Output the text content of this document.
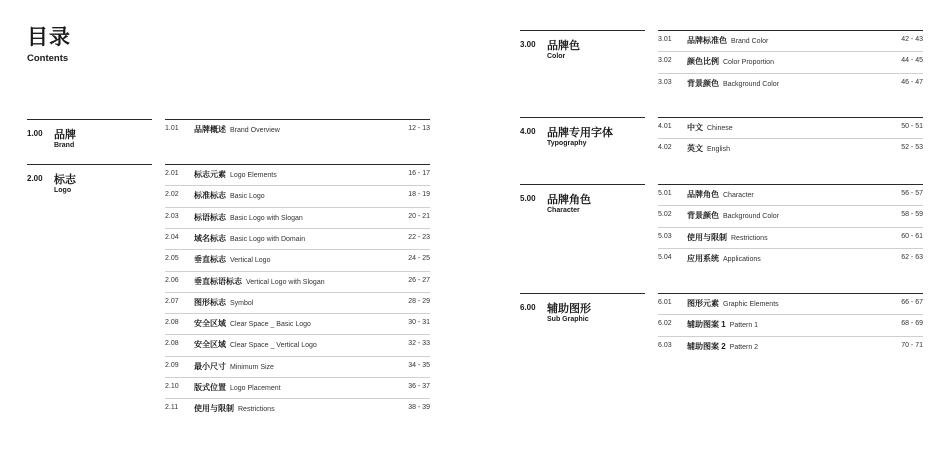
目录
Contents
1.00 品牌
Brand
1.01 品牌概述 Brand Overview	12 - 13
2.00 标志
Logo
2.01 标志元素 Logo Elements	16 - 17
2.02 标准标志 Basic Logo	18 - 19
2.03 标语标志 Basic Logo with Slogan	20 - 21
2.04 域名标志 Basic Logo with Domain	22 - 23
2.05 垂直标志 Vertical Logo	24 - 25
2.06 垂直标语标志 Vertical Logo with Slogan	26 - 27
2.07 图形标志 Symbol	28 - 29
2.08 安全区域 Clear Space _ Basic Logo	30 - 31
2.08 安全区域 Clear Space _ Vertical Logo	32 - 33
2.09 最小尺寸 Minimum Size	34 - 35
2.10 版式位置 Logo Placement	36 - 37
2.11 使用与限制 Restrictions	38 - 39
3.00 品牌色
Color
3.01 品牌标准色 Brand Color	42 - 43
3.02 颜色比例 Color Proportion	44 - 45
3.03 背景颜色 Background Color	46 - 47
4.00 品牌专用字体
Typography
4.01 中文 Chinese	50 - 51
4.02 英文 English	52 - 53
5.00 品牌角色
Character
5.01 品牌角色 Character	56 - 57
5.02 背景颜色 Background Color	58 - 59
5.03 使用与限制 Restrictions	60 - 61
5.04 应用系统 Applications	62 - 63
6.00 辅助图形
Sub Graphic
6.01 图形元素 Graphic Elements	66 - 67
6.02 辅助图案 1 Pattern 1	68 - 69
6.03 辅助图案 2 Pattern 2	70 - 71
